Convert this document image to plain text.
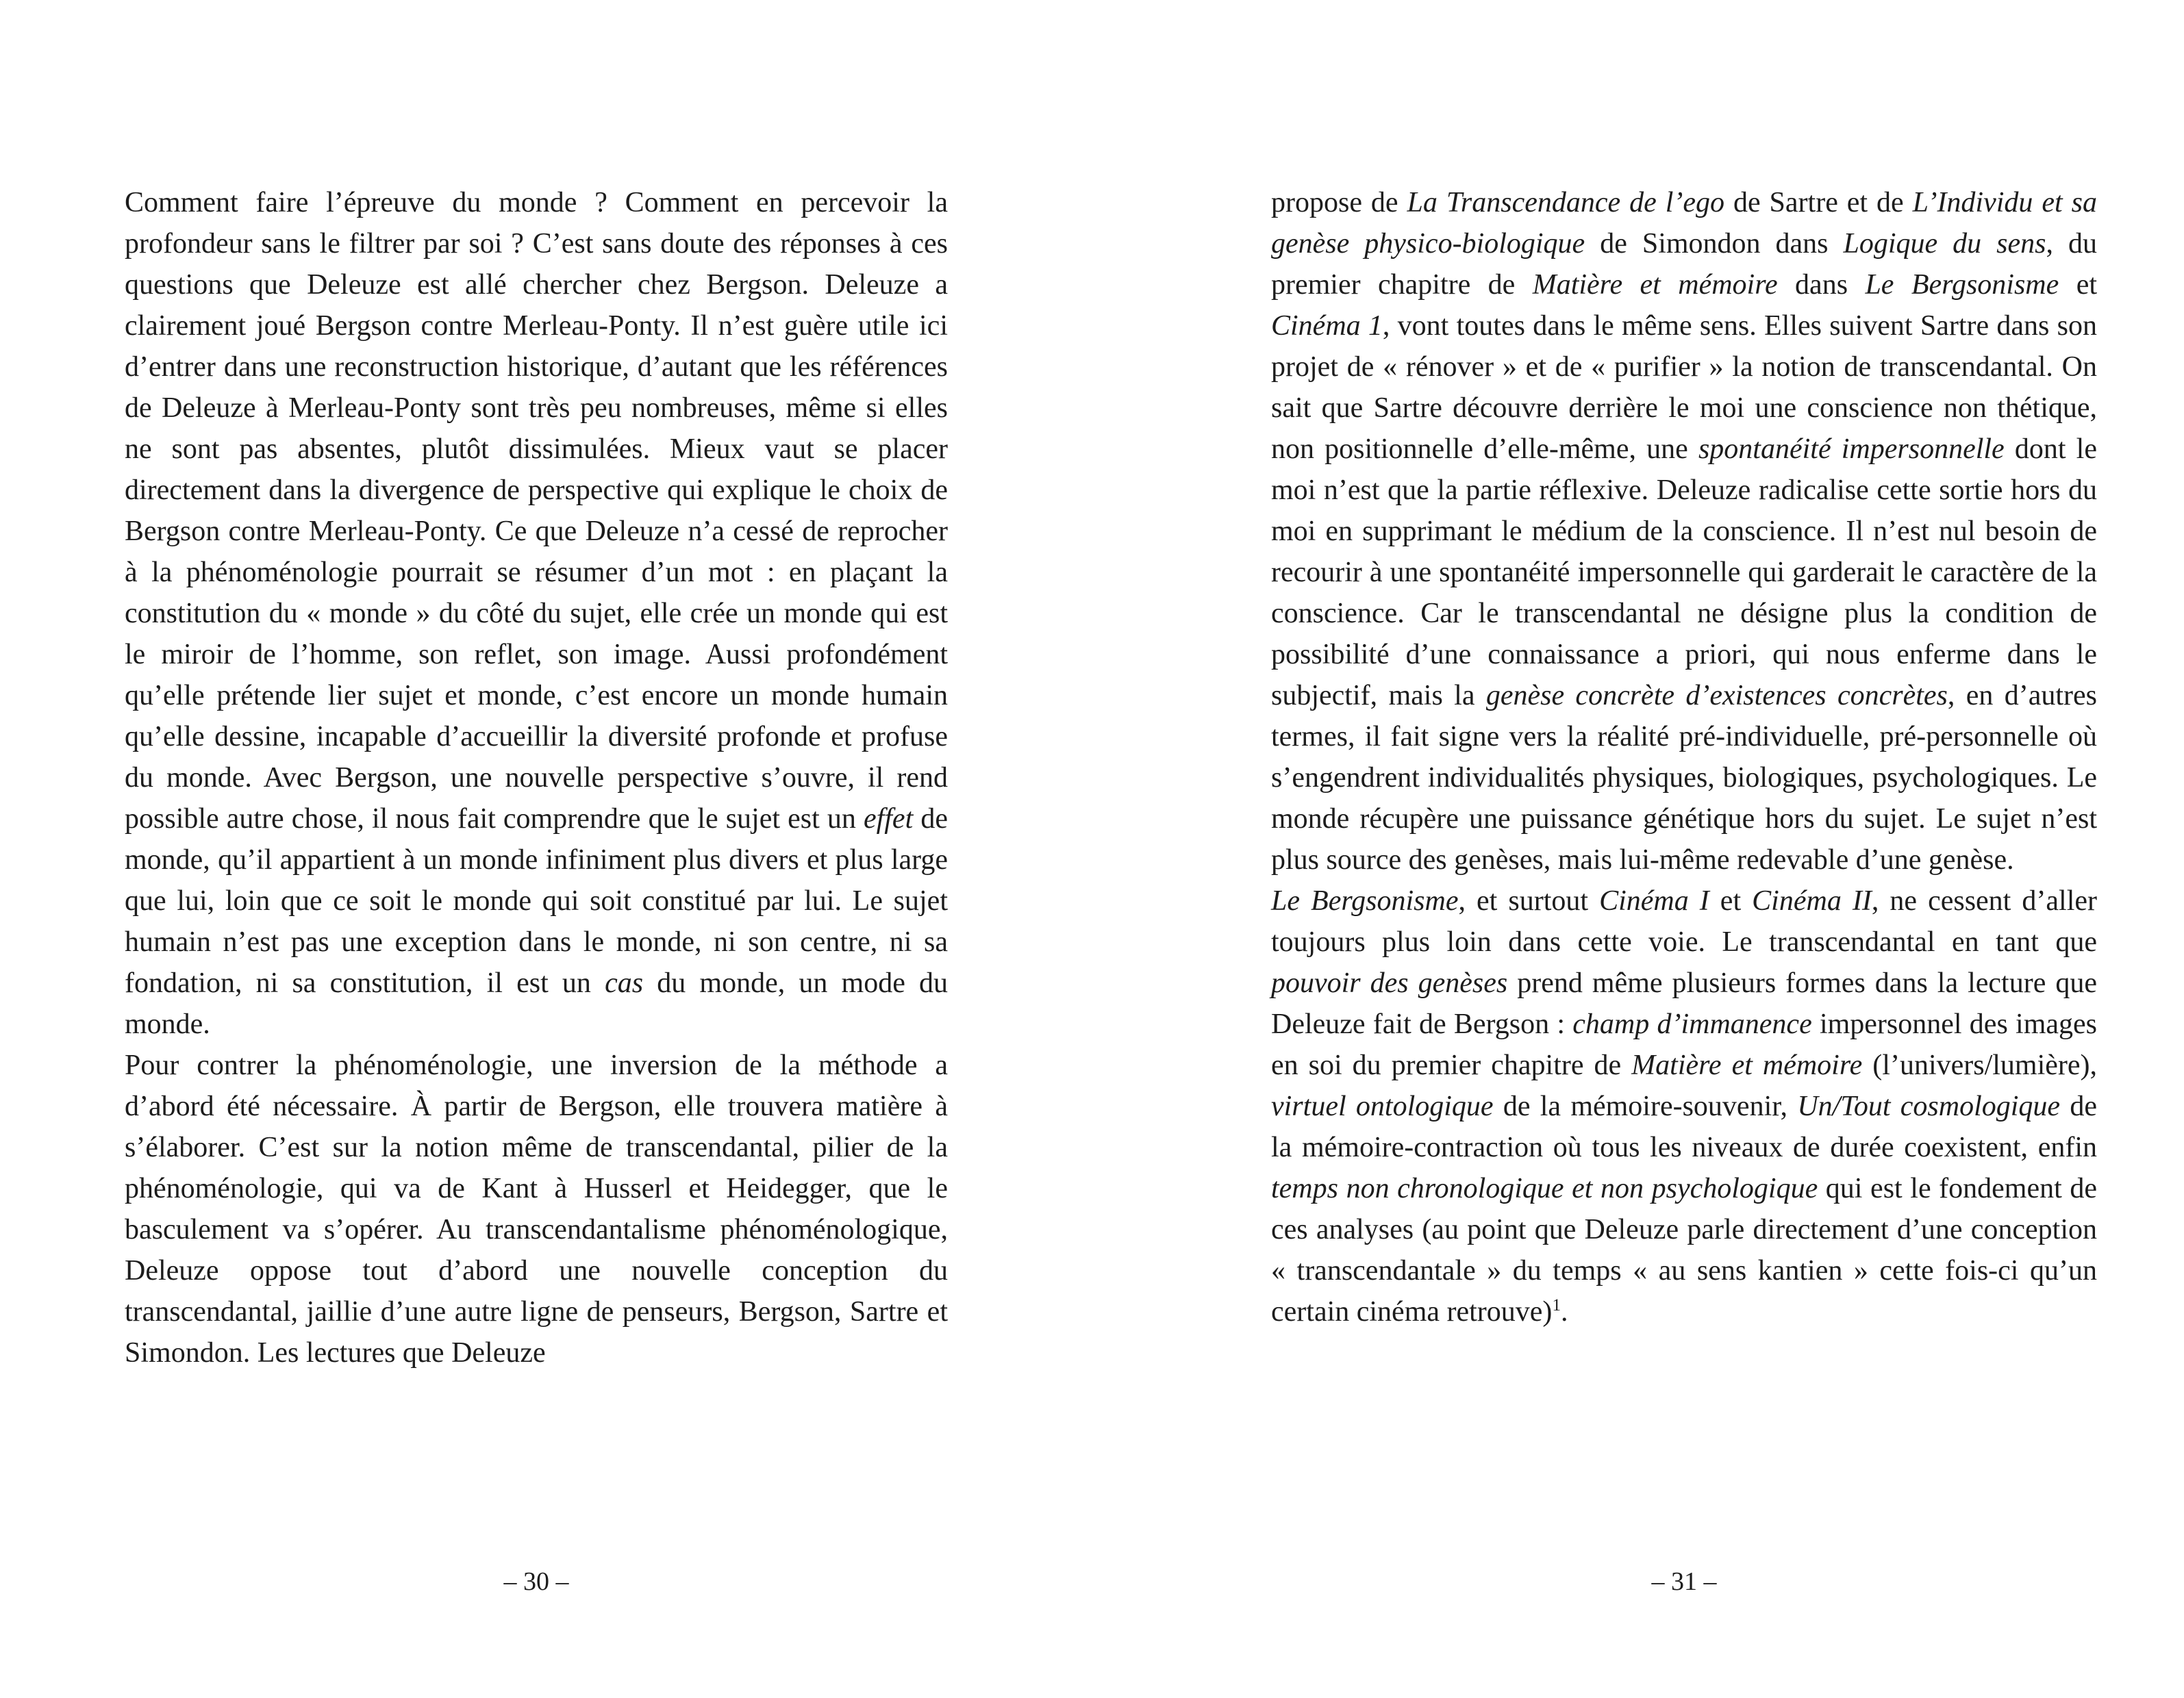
Comment faire l’épreuve du monde ? Comment en percevoir la profondeur sans le filtrer par soi ? C’est sans doute des réponses à ces questions que Deleuze est allé chercher chez Bergson. Deleuze a clairement joué Bergson contre Merleau-Ponty. Il n’est guère utile ici d’entrer dans une reconstruction historique, d’autant que les références de Deleuze à Merleau-Ponty sont très peu nombreuses, même si elles ne sont pas absentes, plutôt dissimulées. Mieux vaut se placer directement dans la divergence de perspective qui explique le choix de Bergson contre Merleau-Ponty. Ce que Deleuze n’a cessé de reprocher à la phénoménologie pourrait se résumer d’un mot : en plaçant la constitution du « monde » du côté du sujet, elle crée un monde qui est le miroir de l’homme, son reflet, son image. Aussi profondément qu’elle prétende lier sujet et monde, c’est encore un monde humain qu’elle dessine, incapable d’accueillir la diversité profonde et profuse du monde. Avec Bergson, une nouvelle perspective s’ouvre, il rend possible autre chose, il nous fait comprendre que le sujet est un effet de monde, qu’il appartient à un monde infiniment plus divers et plus large que lui, loin que ce soit le monde qui soit constitué par lui. Le sujet humain n’est pas une exception dans le monde, ni son centre, ni sa fondation, ni sa constitution, il est un cas du monde, un mode du monde.

Pour contrer la phénoménologie, une inversion de la méthode a d’abord été nécessaire. À partir de Bergson, elle trouvera matière à s’élaborer. C’est sur la notion même de transcendantal, pilier de la phénoménologie, qui va de Kant à Husserl et Heidegger, que le basculement va s’opérer. Au transcendantalisme phénoménologique, Deleuze oppose tout d’abord une nouvelle conception du transcendantal, jaillie d’une autre ligne de penseurs, Bergson, Sartre et Simondon. Les lectures que Deleuze

– 30 –

propose de La Transcendance de l’ego de Sartre et de L’Individu et sa genèse physico-biologique de Simondon dans Logique du sens, du premier chapitre de Matière et mémoire dans Le Bergsonisme et Cinéma 1, vont toutes dans le même sens. Elles suivent Sartre dans son projet de « rénover » et de « purifier » la notion de transcendantal. On sait que Sartre découvre derrière le moi une conscience non thétique, non positionnelle d’elle-même, une spontanéité impersonnelle dont le moi n’est que la partie réflexive. Deleuze radicalise cette sortie hors du moi en supprimant le médium de la conscience. Il n’est nul besoin de recourir à une spontanéité impersonnelle qui garderait le caractère de la conscience. Car le transcendantal ne désigne plus la condition de possibilité d’une connaissance a priori, qui nous enferme dans le subjectif, mais la genèse concrète d’existences concrètes, en d’autres termes, il fait signe vers la réalité pré-individuelle, pré-personnelle où s’engendrent individualités physiques, biologiques, psychologiques. Le monde récupère une puissance génétique hors du sujet. Le sujet n’est plus source des genèses, mais lui-même redevable d’une genèse.

Le Bergsonisme, et surtout Cinéma I et Cinéma II, ne cessent d’aller toujours plus loin dans cette voie. Le transcendantal en tant que pouvoir des genèses prend même plusieurs formes dans la lecture que Deleuze fait de Bergson : champ d’immanence impersonnel des images en soi du premier chapitre de Matière et mémoire (l’univers/lumière), virtuel ontologique de la mémoire-souvenir, Un/Tout cosmologique de la mémoire-contraction où tous les niveaux de durée coexistent, enfin temps non chronologique et non psychologique qui est le fondement de ces analyses (au point que Deleuze parle directement d’une conception « transcendantale » du temps « au sens kantien » cette fois-ci qu’un certain cinéma retrouve)$^1$.

– 31 –
